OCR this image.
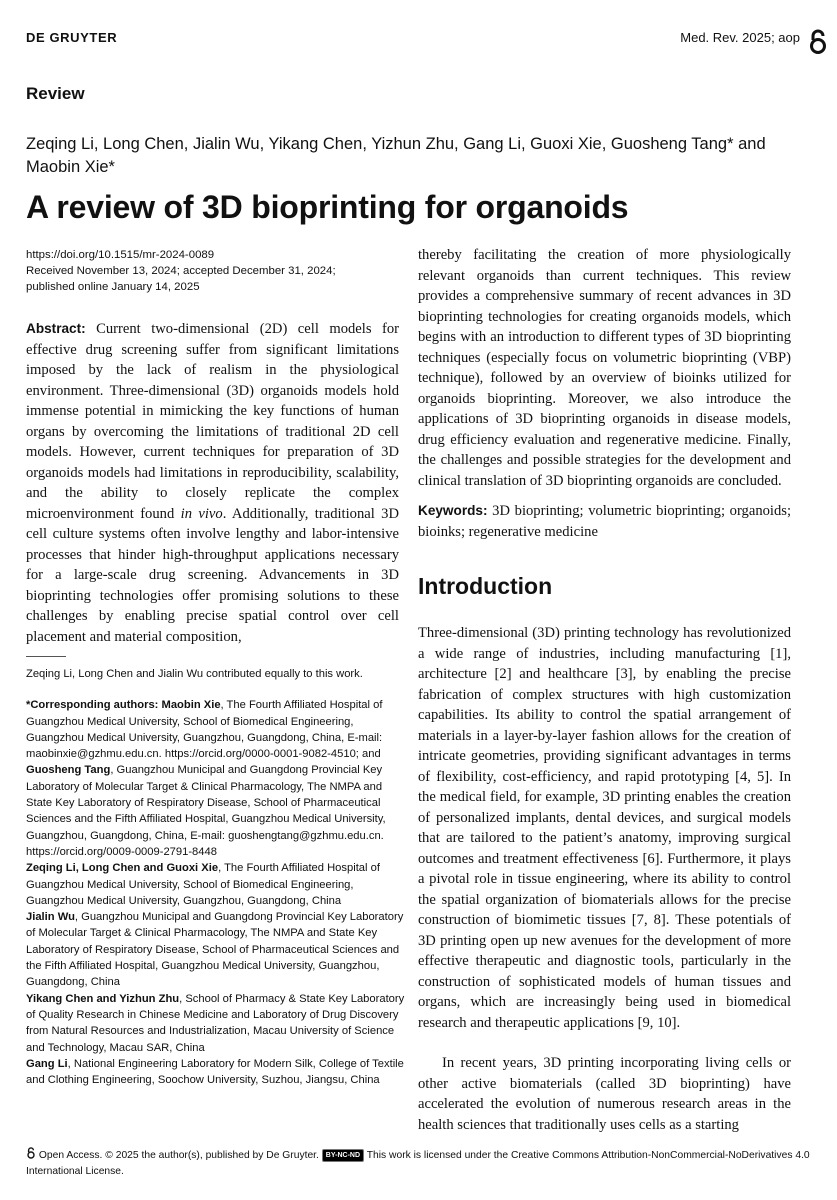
DE GRUYTER	Med. Rev. 2025; aop
Review
Zeqing Li, Long Chen, Jialin Wu, Yikang Chen, Yizhun Zhu, Gang Li, Guoxi Xie, Guosheng Tang* and Maobin Xie*
A review of 3D bioprinting for organoids
https://doi.org/10.1515/mr-2024-0089
Received November 13, 2024; accepted December 31, 2024;
published online January 14, 2025

Abstract: Current two-dimensional (2D) cell models for effective drug screening suffer from significant limitations imposed by the lack of realism in the physiological environment. Three-dimensional (3D) organoids models hold immense potential in mimicking the key functions of human organs by overcoming the limitations of traditional 2D cell models. However, current techniques for preparation of 3D organoids models had limitations in reproducibility, scalability, and the ability to closely replicate the complex microenvironment found in vivo. Additionally, traditional 3D cell culture systems often involve lengthy and labor-intensive processes that hinder high-throughput applications necessary for a large-scale drug screening. Advancements in 3D bioprinting technologies offer promising solutions to these challenges by enabling precise spatial control over cell placement and material composition,

thereby facilitating the creation of more physiologically relevant organoids than current techniques. This review provides a comprehensive summary of recent advances in 3D bioprinting technologies for creating organoids models, which begins with an introduction to different types of 3D bioprinting techniques (especially focus on volumetric bioprinting (VBP) technique), followed by an overview of bioinks utilized for organoids bioprinting. Moreover, we also introduce the applications of 3D bioprinting organoids in disease models, drug efficiency evaluation and regenerative medicine. Finally, the challenges and possible strategies for the development and clinical translation of 3D bioprinting organoids are concluded.

Keywords: 3D bioprinting; volumetric bioprinting; organoids; bioinks; regenerative medicine

Introduction

Three-dimensional (3D) printing technology has revolutionized a wide range of industries, including manufacturing [1], architecture [2] and healthcare [3], by enabling the precise fabrication of complex structures with high customization capabilities. Its ability to control the spatial arrangement of materials in a layer-by-layer fashion allows for the creation of intricate geometries, providing significant advantages in terms of flexibility, cost-efficiency, and rapid prototyping [4, 5]. In the medical field, for example, 3D printing enables the creation of personalized implants, dental devices, and surgical models that are tailored to the patient’s anatomy, improving surgical outcomes and treatment effectiveness [6]. Furthermore, it plays a pivotal role in tissue engineering, where its ability to control the spatial organization of biomaterials allows for the precise construction of biomimetic tissues [7, 8]. These potentials of 3D printing open up new avenues for the development of more effective therapeutic and diagnostic tools, particularly in the construction of sophisticated models of human tissues and organs, which are increasingly being used in biomedical research and therapeutic applications [9, 10].

In recent years, 3D printing incorporating living cells or other active biomaterials (called 3D bioprinting) have accelerated the evolution of numerous research areas in the health sciences that traditionally uses cells as a starting

Zeqing Li, Long Chen and Jialin Wu contributed equally to this work.

*Corresponding authors: Maobin Xie, The Fourth Affiliated Hospital of Guangzhou Medical University, School of Biomedical Engineering, Guangzhou Medical University, Guangzhou, Guangdong, China, E-mail: maobinxie@gzhmu.edu.cn. https://orcid.org/0000-0001-9082-4510; and Guosheng Tang, Guangzhou Municipal and Guangdong Provincial Key Laboratory of Molecular Target & Clinical Pharmacology, The NMPA and State Key Laboratory of Respiratory Disease, School of Pharmaceutical Sciences and the Fifth Affiliated Hospital, Guangzhou Medical University, Guangzhou, Guangdong, China, E-mail: guoshengtang@gzhmu.edu.cn. https://orcid.org/0009-0009-2791-8448

Zeqing Li, Long Chen and Guoxi Xie, The Fourth Affiliated Hospital of Guangzhou Medical University, School of Biomedical Engineering, Guangzhou Medical University, Guangzhou, Guangdong, China

Jialin Wu, Guangzhou Municipal and Guangdong Provincial Key Laboratory of Molecular Target & Clinical Pharmacology, The NMPA and State Key Laboratory of Respiratory Disease, School of Pharmaceutical Sciences and the Fifth Affiliated Hospital, Guangzhou Medical University, Guangzhou, Guangdong, China

Yikang Chen and Yizhun Zhu, School of Pharmacy & State Key Laboratory of Quality Research in Chinese Medicine and Laboratory of Drug Discovery from Natural Resources and Industrialization, Macau University of Science and Technology, Macau SAR, China

Gang Li, National Engineering Laboratory for Modern Silk, College of Textile and Clothing Engineering, Soochow University, Suzhou, Jiangsu, China

Open Access. © 2025 the author(s), published by De Gruyter. BY-NC-ND This work is licensed under the Creative Commons Attribution-NonCommercial-NoDerivatives 4.0 International License.
